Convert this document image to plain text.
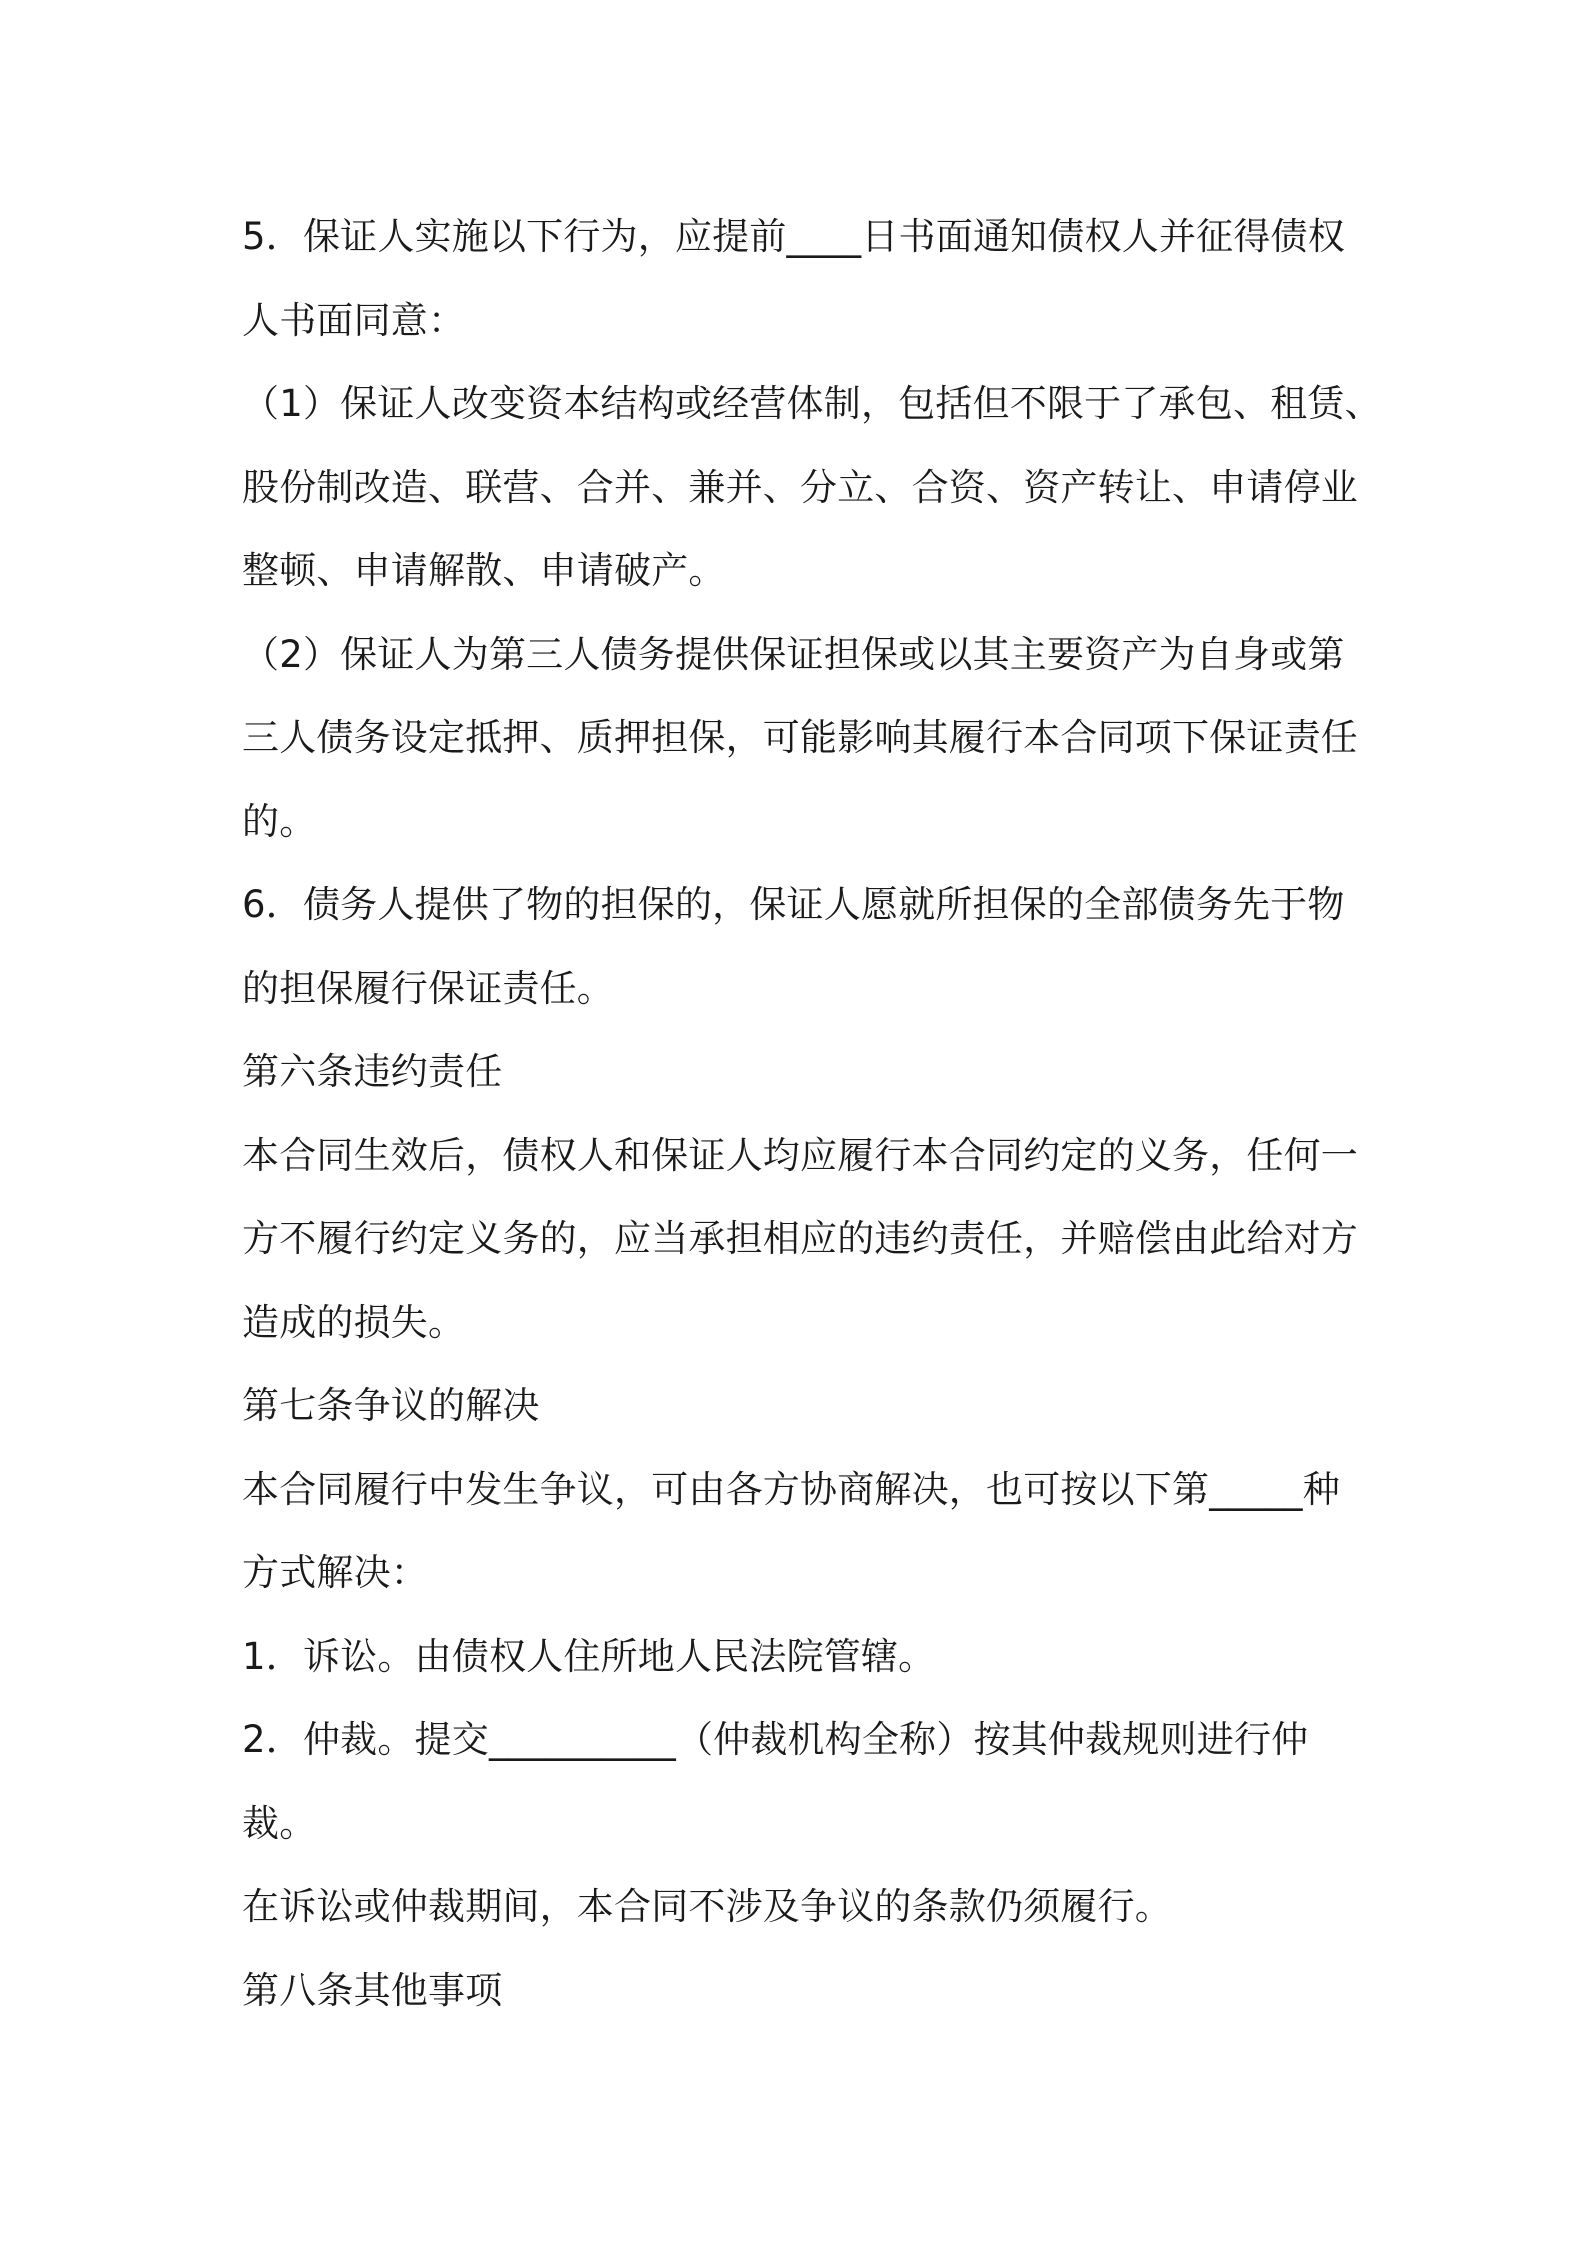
5．保证人实施以下行为，应提前____日书面通知债权人并征得债权
人书面同意：
（1）保证人改变资本结构或经营体制，包括但不限于了承包、租赁、
股份制改造、联营、合并、兼并、分立、合资、资产转让、申请停业
整顿、申请解散、申请破产。
（2）保证人为第三人债务提供保证担保或以其主要资产为自身或第
三人债务设定抵押、质押担保，可能影响其履行本合同项下保证责任
的。
6．债务人提供了物的担保的，保证人愿就所担保的全部债务先于物
的担保履行保证责任。
第六条违约责任
本合同生效后，债权人和保证人均应履行本合同约定的义务，任何一
方不履行约定义务的，应当承担相应的违约责任，并赔偿由此给对方
造成的损失。
第七条争议的解决
本合同履行中发生争议，可由各方协商解决，也可按以下第_____种
方式解决：
1．诉讼。由债权人住所地人民法院管辖。
2．仲裁。提交__________（仲裁机构全称）按其仲裁规则进行仲
裁。
在诉讼或仲裁期间，本合同不涉及争议的条款仍须履行。
第八条其他事项
